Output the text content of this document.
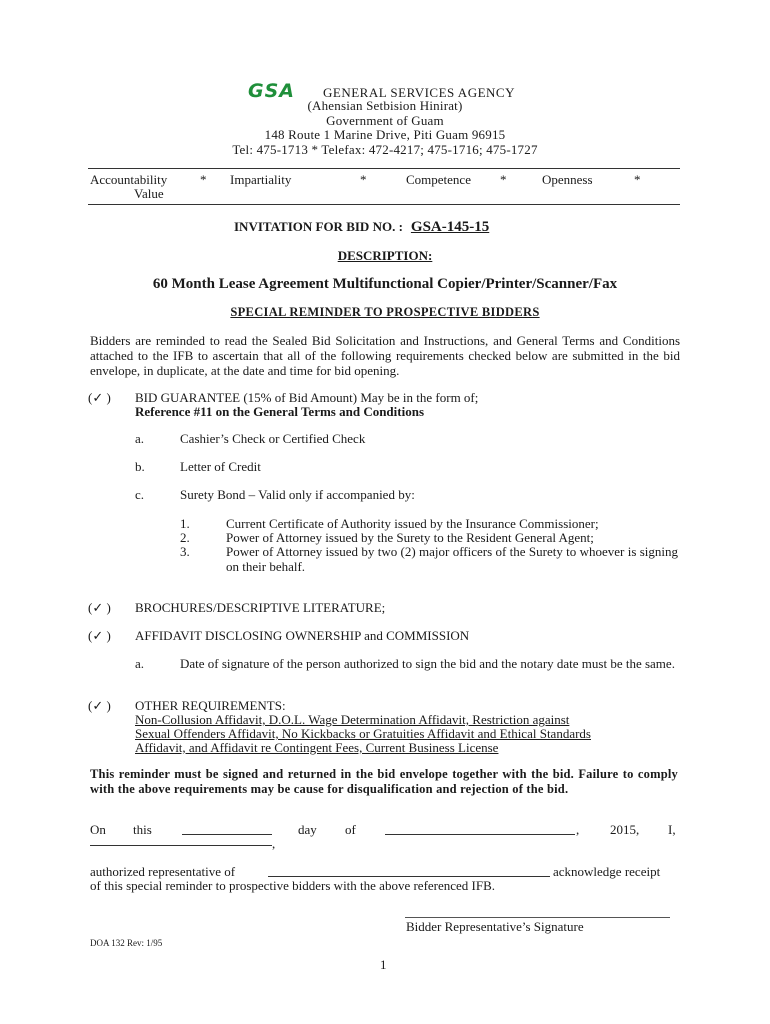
GSA GENERAL SERVICES AGENCY
(Ahensian Setbision Hinirat)
Government of Guam
148 Route 1 Marine Drive, Piti Guam 96915
Tel: 475-1713 * Telefax: 472-4217; 475-1716; 475-1727
Accountability
Value
* Impartiality	*	Competence *	Openness	*
INVITATION FOR BID NO. : GSA-145-15
DESCRIPTION:
60 Month Lease Agreement Multifunctional Copier/Printer/Scanner/Fax
SPECIAL REMINDER TO PROSPECTIVE BIDDERS
Bidders are reminded to read the Sealed Bid Solicitation and Instructions, and General Terms and Conditions attached to the IFB to ascertain that all of the following requirements checked below are submitted in the bid envelope, in duplicate, at the date and time for bid opening.
(✓ ) BID GUARANTEE (15% of Bid Amount) May be in the form of;
Reference #11 on the General Terms and Conditions
a.	Cashier’s Check or Certified Check
b.	Letter of Credit
c.	Surety Bond – Valid only if accompanied by:
1.	Current Certificate of Authority issued by the Insurance Commissioner;
2.	Power of Attorney issued by the Surety to the Resident General Agent;
3.	Power of Attorney issued by two (2) major officers of the Surety to whoever is signing on their behalf.
(✓ ) BROCHURES/DESCRIPTIVE LITERATURE;
(✓ ) AFFIDAVIT DISCLOSING OWNERSHIP and COMMISSION
a.	Date of signature of the person authorized to sign the bid and the notary date must be the same.
(✓ ) OTHER REQUIREMENTS:
Non-Collusion Affidavit, D.O.L. Wage Determination Affidavit, Restriction against
Sexual Offenders Affidavit, No Kickbacks or Gratuities Affidavit and Ethical Standards
Affidavit, and Affidavit re Contingent Fees, Current Business License
This reminder must be signed and returned in the bid envelope together with the bid. Failure to comply with the above requirements may be cause for disqualification and rejection of the bid.
On this	day of	, 2015, I,
,
authorized representative of	acknowledge receipt
of this special reminder to prospective bidders with the above referenced IFB.
Bidder Representative’s Signature
DOA 132 Rev: 1/95
1
